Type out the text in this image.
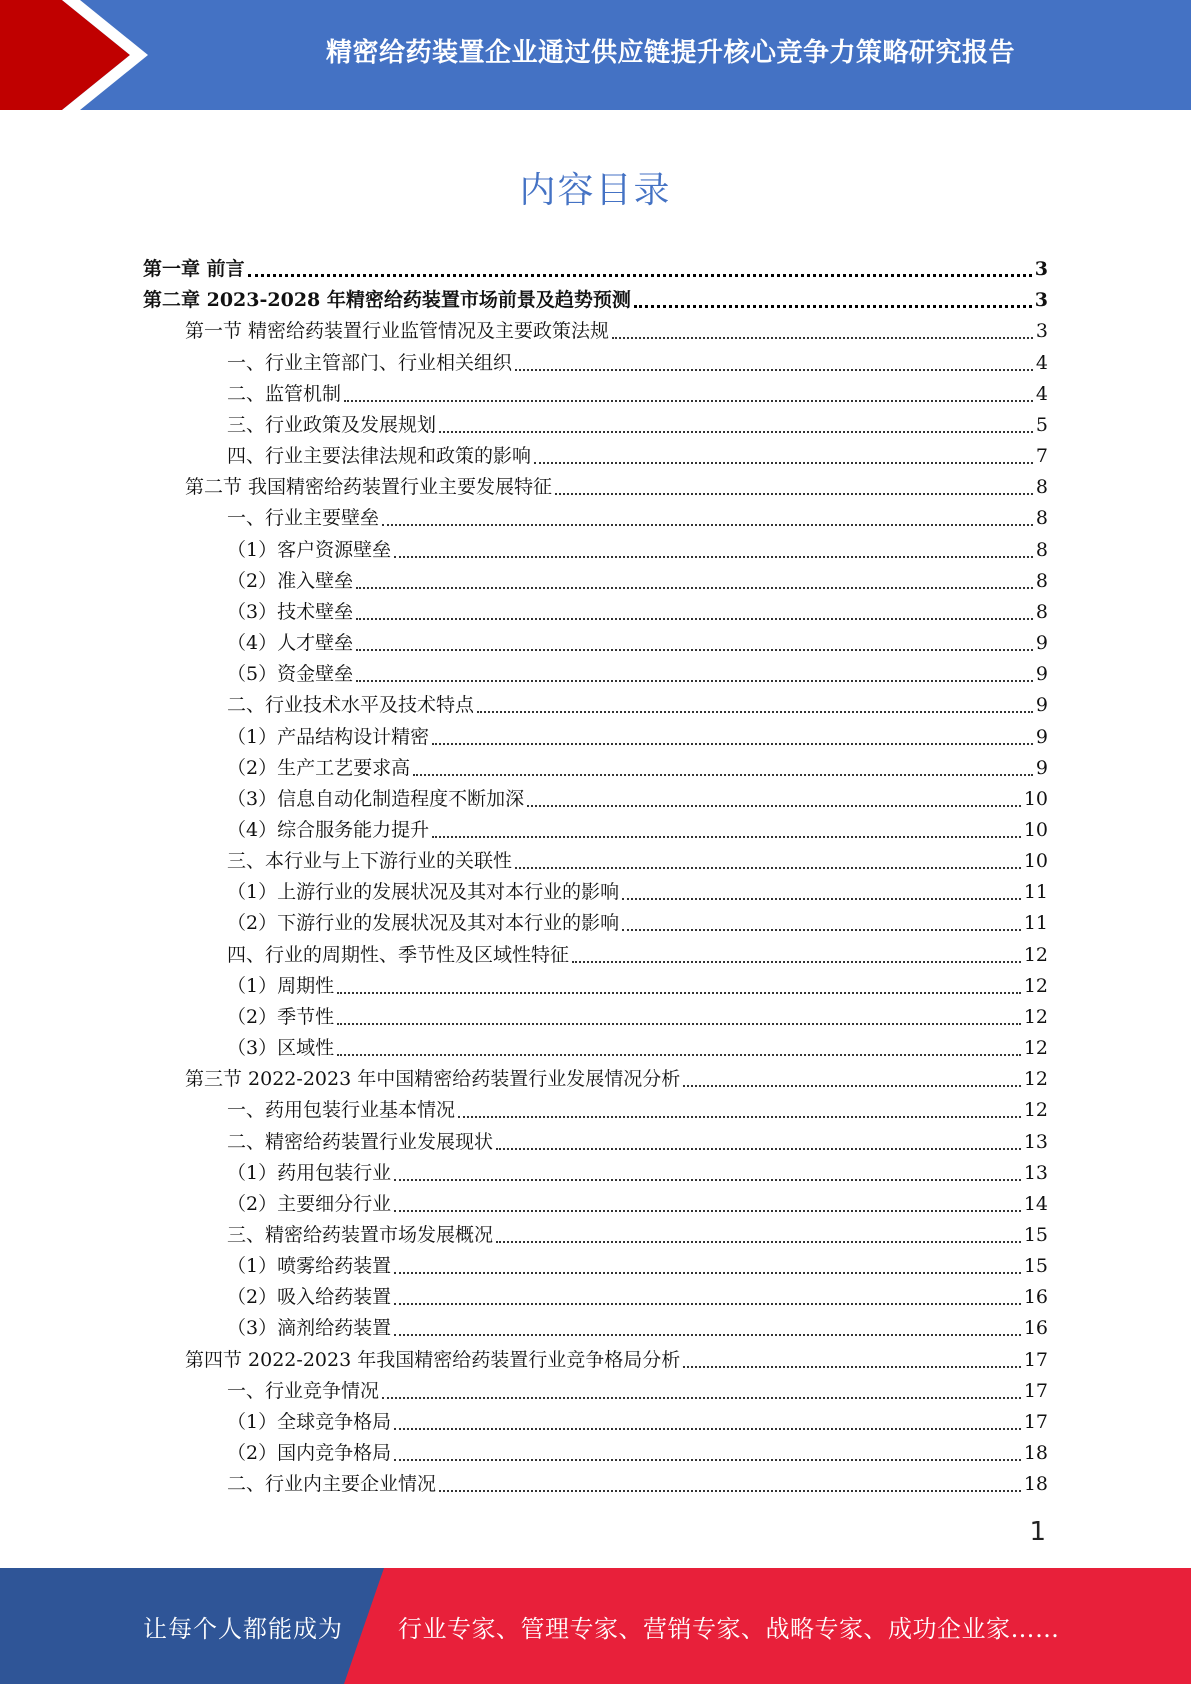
精密给药装置企业通过供应链提升核心竞争力策略研究报告
内容目录
第一章 前言	3
第二章 2023-2028 年精密给药装置市场前景及趋势预测	3
第一节 精密给药装置行业监管情况及主要政策法规	3
一、行业主管部门、行业相关组织	4
二、监管机制	4
三、行业政策及发展规划	5
四、行业主要法律法规和政策的影响	7
第二节 我国精密给药装置行业主要发展特征	8
一、行业主要壁垒	8
（1）客户资源壁垒	8
（2）准入壁垒	8
（3）技术壁垒	8
（4）人才壁垒	9
（5）资金壁垒	9
二、行业技术水平及技术特点	9
（1）产品结构设计精密	9
（2）生产工艺要求高	9
（3）信息自动化制造程度不断加深	10
（4）综合服务能力提升	10
三、本行业与上下游行业的关联性	10
（1）上游行业的发展状况及其对本行业的影响	11
（2）下游行业的发展状况及其对本行业的影响	11
四、行业的周期性、季节性及区域性特征	12
（1）周期性	12
（2）季节性	12
（3）区域性	12
第三节 2022-2023 年中国精密给药装置行业发展情况分析	12
一、药用包装行业基本情况	12
二、精密给药装置行业发展现状	13
（1）药用包装行业	13
（2）主要细分行业	14
三、精密给药装置市场发展概况	15
（1）喷雾给药装置	15
（2）吸入给药装置	16
（3）滴剂给药装置	16
第四节 2022-2023 年我国精密给药装置行业竞争格局分析	17
一、行业竞争情况	17
（1）全球竞争格局	17
（2）国内竞争格局	18
二、行业内主要企业情况	18
1
让每个人都能成为 行业专家、管理专家、营销专家、战略专家、成功企业家……
